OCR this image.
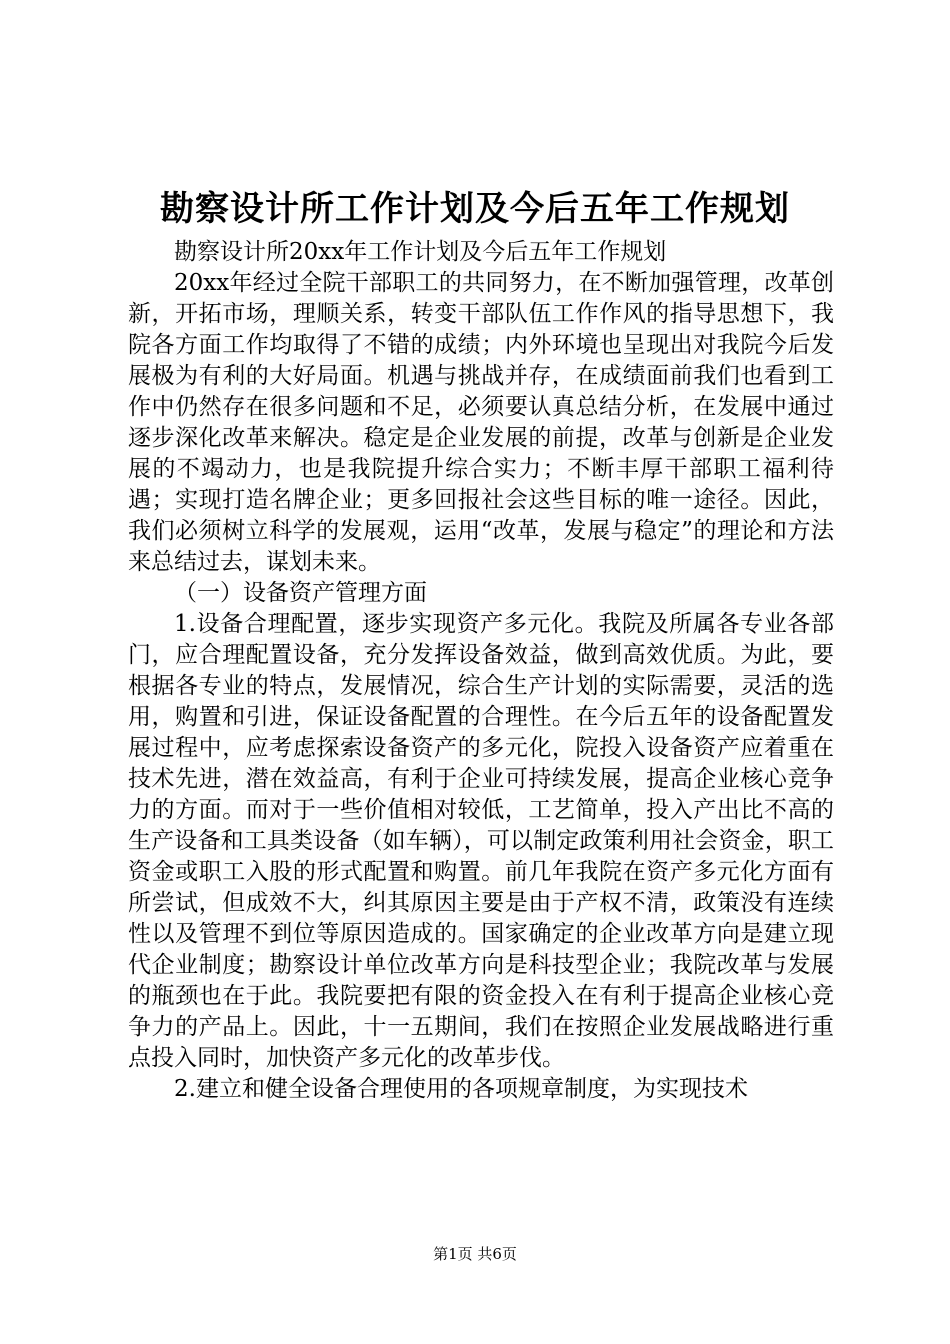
勘察设计所工作计划及今后五年工作规划

勘察设计所20xx年工作计划及今后五年工作规划

20xx年经过全院干部职工的共同努力，在不断加强管理，改革创新，开拓市场，理顺关系，转变干部队伍工作作风的指导思想下，我院各方面工作均取得了不错的成绩；内外环境也呈现出对我院今后发展极为有利的大好局面。机遇与挑战并存，在成绩面前我们也看到工作中仍然存在很多问题和不足，必须要认真总结分析，在发展中通过逐步深化改革来解决。稳定是企业发展的前提，改革与创新是企业发展的不竭动力，也是我院提升综合实力；不断丰厚干部职工福利待遇；实现打造名牌企业；更多回报社会这些目标的唯一途径。因此，我们必须树立科学的发展观，运用“改革，发展与稳定”的理论和方法来总结过去，谋划未来。

（一）设备资产管理方面

1.设备合理配置，逐步实现资产多元化。我院及所属各专业各部门，应合理配置设备，充分发挥设备效益，做到高效优质。为此，要根据各专业的特点，发展情况，综合生产计划的实际需要，灵活的选用，购置和引进，保证设备配置的合理性。在今后五年的设备配置发展过程中，应考虑探索设备资产的多元化，院投入设备资产应着重在技术先进，潜在效益高，有利于企业可持续发展，提高企业核心竞争力的方面。而对于一些价值相对较低，工艺简单，投入产出比不高的生产设备和工具类设备（如车辆），可以制定政策利用社会资金，职工资金或职工入股的形式配置和购置。前几年我院在资产多元化方面有所尝试，但成效不大，纠其原因主要是由于产权不清，政策没有连续性以及管理不到位等原因造成的。国家确定的企业改革方向是建立现代企业制度；勘察设计单位改革方向是科技型企业；我院改革与发展的瓶颈也在于此。我院要把有限的资金投入在有利于提高企业核心竞争力的产品上。因此，十一五期间，我们在按照企业发展战略进行重点投入同时，加快资产多元化的改革步伐。

2.建立和健全设备合理使用的各项规章制度，为实现技术

第1页 共6页
